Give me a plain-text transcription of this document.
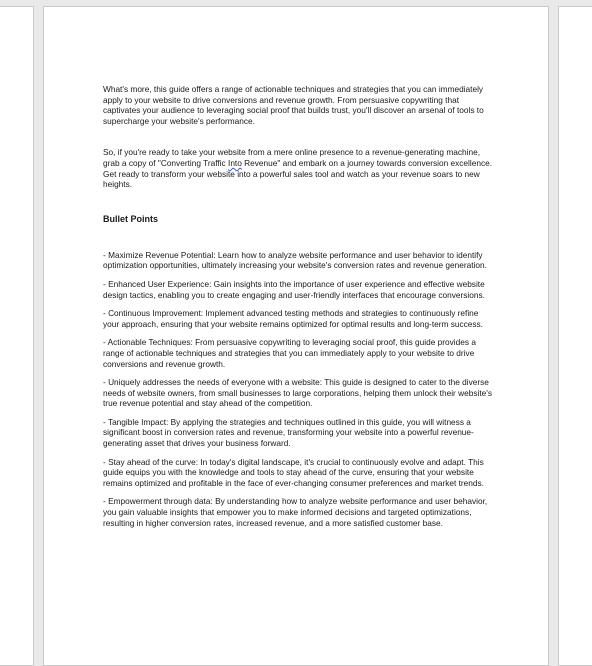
What's more, this guide offers a range of actionable techniques and strategies that you can immediately apply to your website to drive conversions and revenue growth. From persuasive copywriting that captivates your audience to leveraging social proof that builds trust, you'll discover an arsenal of tools to supercharge your website's performance.

So, if you're ready to take your website from a mere online presence to a revenue-generating machine, grab a copy of "Converting Traffic Into Revenue" and embark on a journey towards conversion excellence. Get ready to transform your website into a powerful sales tool and watch as your revenue soars to new heights.

Bullet Points

- Maximize Revenue Potential: Learn how to analyze website performance and user behavior to identify optimization opportunities, ultimately increasing your website's conversion rates and revenue generation.

- Enhanced User Experience: Gain insights into the importance of user experience and effective website design tactics, enabling you to create engaging and user-friendly interfaces that encourage conversions.

- Continuous Improvement: Implement advanced testing methods and strategies to continuously refine your approach, ensuring that your website remains optimized for optimal results and long-term success.

- Actionable Techniques: From persuasive copywriting to leveraging social proof, this guide provides a range of actionable techniques and strategies that you can immediately apply to your website to drive conversions and revenue growth.

- Uniquely addresses the needs of everyone with a website: This guide is designed to cater to the diverse needs of website owners, from small businesses to large corporations, helping them unlock their website's true revenue potential and stay ahead of the competition.

- Tangible Impact: By applying the strategies and techniques outlined in this guide, you will witness a significant boost in conversion rates and revenue, transforming your website into a powerful revenue-generating asset that drives your business forward.

- Stay ahead of the curve: In today's digital landscape, it's crucial to continuously evolve and adapt. This guide equips you with the knowledge and tools to stay ahead of the curve, ensuring that your website remains optimized and profitable in the face of ever-changing consumer preferences and market trends.

- Empowerment through data: By understanding how to analyze website performance and user behavior, you gain valuable insights that empower you to make informed decisions and targeted optimizations, resulting in higher conversion rates, increased revenue, and a more satisfied customer base.
